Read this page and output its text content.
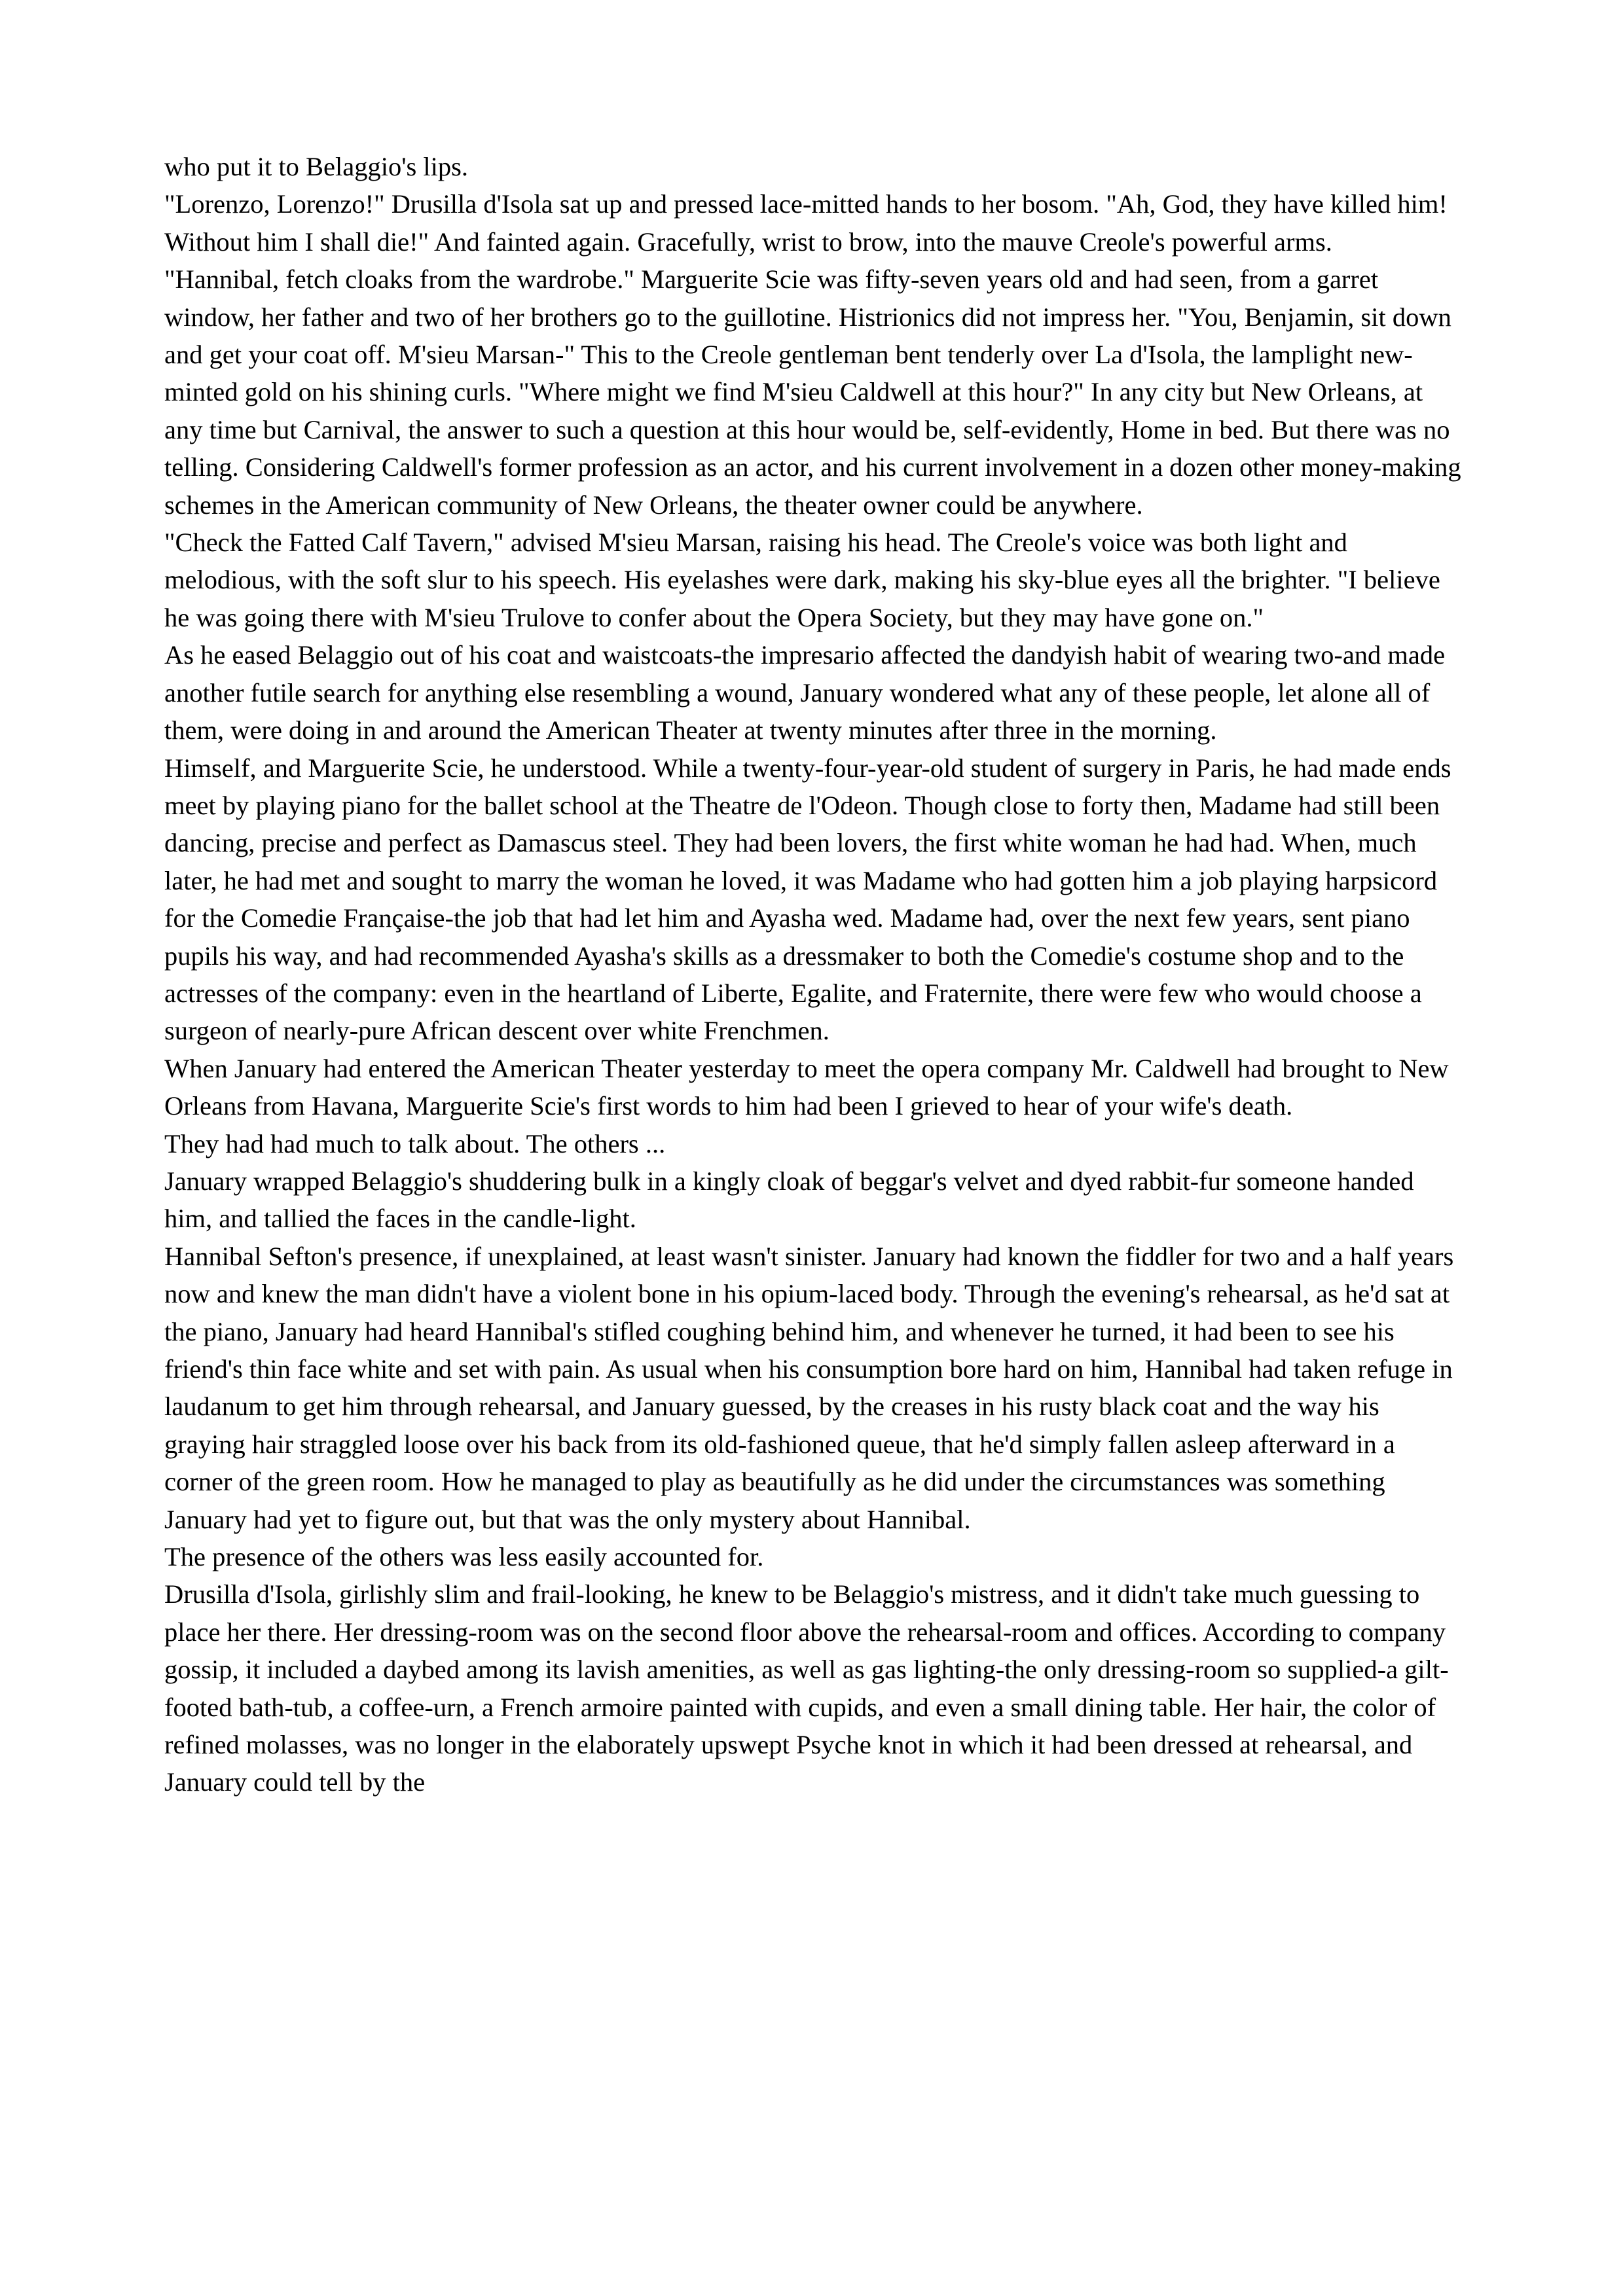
who put it to Belaggio's lips.

"Lorenzo, Lorenzo!" Drusilla d'Isola sat up and pressed lace-mitted hands to her bosom. "Ah, God, they have killed him! Without him I shall die!" And fainted again. Gracefully, wrist to brow, into the mauve Creole's powerful arms.

"Hannibal, fetch cloaks from the wardrobe." Marguerite Scie was fifty-seven years old and had seen, from a garret window, her father and two of her brothers go to the guillotine. Histrionics did not impress her. "You, Benjamin, sit down and get your coat off. M'sieu Marsan-" This to the Creole gentleman bent tenderly over La d'Isola, the lamplight new-minted gold on his shining curls. "Where might we find M'sieu Caldwell at this hour?" In any city but New Orleans, at any time but Carnival, the answer to such a question at this hour would be, self-evidently, Home in bed. But there was no telling. Considering Caldwell's former profession as an actor, and his current involvement in a dozen other money-making schemes in the American community of New Orleans, the theater owner could be anywhere.

"Check the Fatted Calf Tavern," advised M'sieu Marsan, raising his head. The Creole's voice was both light and melodious, with the soft slur to his speech. His eyelashes were dark, making his sky-blue eyes all the brighter. "I believe he was going there with M'sieu Trulove to confer about the Opera Society, but they may have gone on."

As he eased Belaggio out of his coat and waistcoats-the impresario affected the dandyish habit of wearing two-and made another futile search for anything else resembling a wound, January wondered what any of these people, let alone all of them, were doing in and around the American Theater at twenty minutes after three in the morning.

Himself, and Marguerite Scie, he understood. While a twenty-four-year-old student of surgery in Paris, he had made ends meet by playing piano for the ballet school at the Theatre de l'Odeon. Though close to forty then, Madame had still been dancing, precise and perfect as Damascus steel. They had been lovers, the first white woman he had had. When, much later, he had met and sought to marry the woman he loved, it was Madame who had gotten him a job playing harpsicord for the Comedie Française-the job that had let him and Ayasha wed. Madame had, over the next few years, sent piano pupils his way, and had recommended Ayasha's skills as a dressmaker to both the Comedie's costume shop and to the actresses of the company: even in the heartland of Liberte, Egalite, and Fraternite, there were few who would choose a surgeon of nearly-pure African descent over white Frenchmen.

When January had entered the American Theater yesterday to meet the opera company Mr. Caldwell had brought to New Orleans from Havana, Marguerite Scie's first words to him had been I grieved to hear of your wife's death.

They had had much to talk about. The others ...

January wrapped Belaggio's shuddering bulk in a kingly cloak of beggar's velvet and dyed rabbit-fur someone handed him, and tallied the faces in the candle-light.

Hannibal Sefton's presence, if unexplained, at least wasn't sinister. January had known the fiddler for two and a half years now and knew the man didn't have a violent bone in his opium-laced body. Through the evening's rehearsal, as he'd sat at the piano, January had heard Hannibal's stifled coughing behind him, and whenever he turned, it had been to see his friend's thin face white and set with pain. As usual when his consumption bore hard on him, Hannibal had taken refuge in laudanum to get him through rehearsal, and January guessed, by the creases in his rusty black coat and the way his graying hair straggled loose over his back from its old-fashioned queue, that he'd simply fallen asleep afterward in a corner of the green room. How he managed to play as beautifully as he did under the circumstances was something January had yet to figure out, but that was the only mystery about Hannibal.

The presence of the others was less easily accounted for.

Drusilla d'Isola, girlishly slim and frail-looking, he knew to be Belaggio's mistress, and it didn't take much guessing to place her there. Her dressing-room was on the second floor above the rehearsal-room and offices. According to company gossip, it included a daybed among its lavish amenities, as well as gas lighting-the only dressing-room so supplied-a gilt-footed bath-tub, a coffee-urn, a French armoire painted with cupids, and even a small dining table. Her hair, the color of refined molasses, was no longer in the elaborately upswept Psyche knot in which it had been dressed at rehearsal, and January could tell by the
